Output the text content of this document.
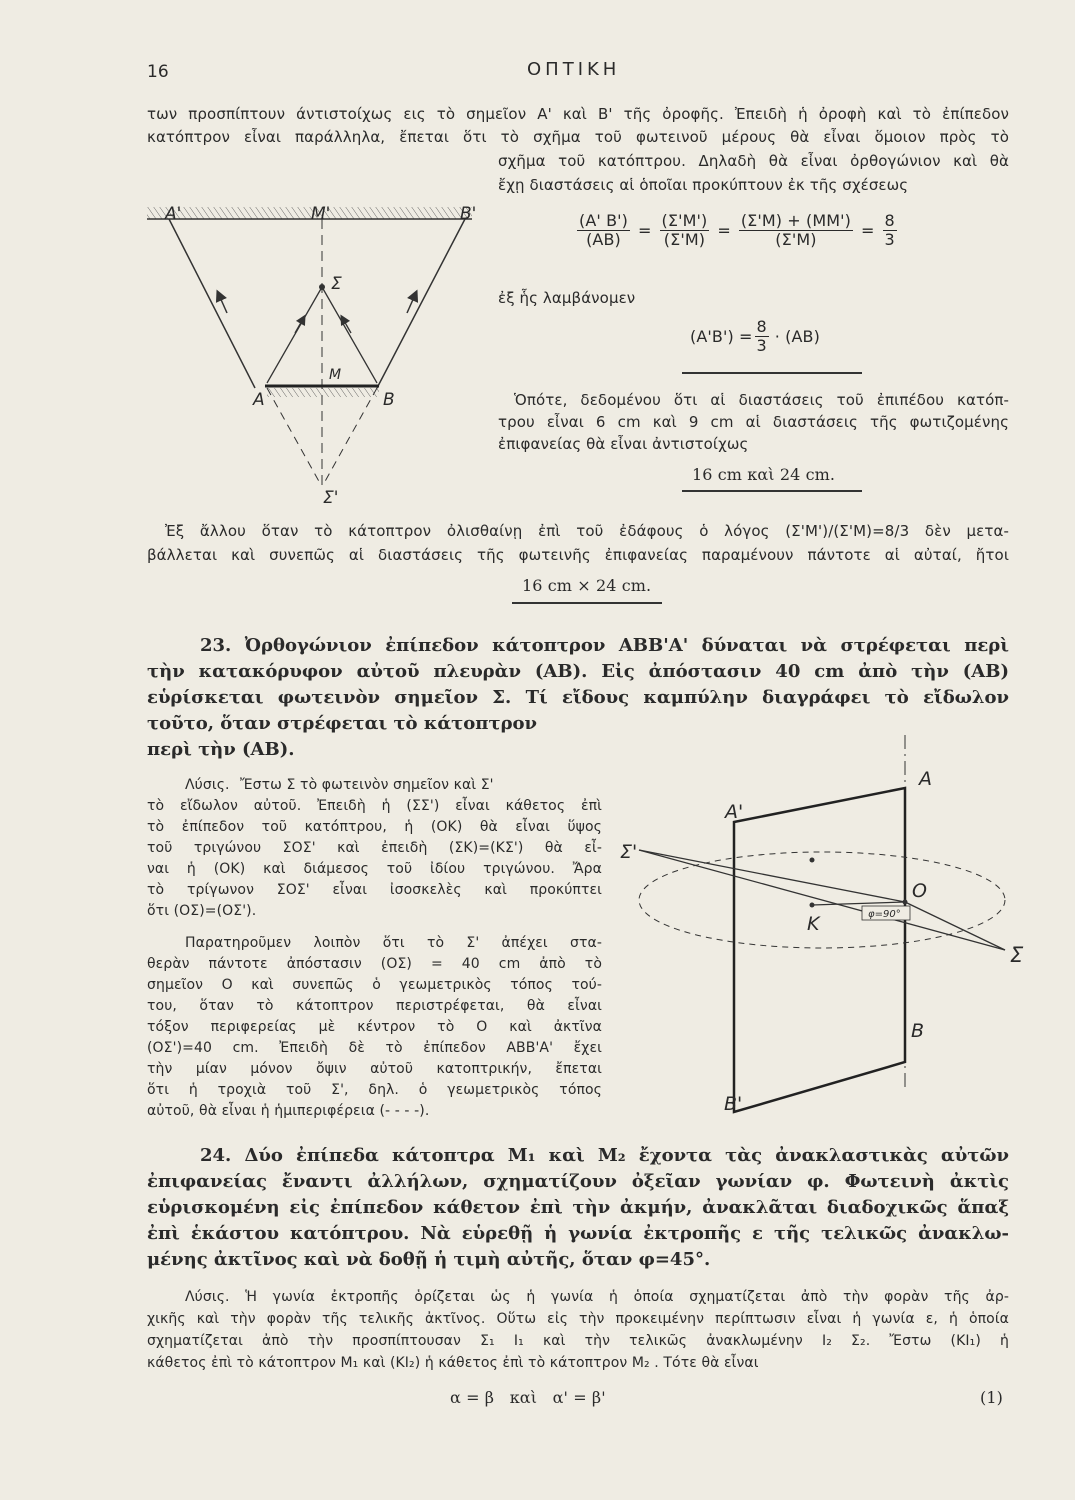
16	ΟΠΤΙΚΗ
των προσπίπτουν άντιστοίχως εις τὸ σημεῖον Α' καὶ Β' τῆς ὀροφῆς. Ἐπειδὴ ἡ ὀροφὴ καὶ τὸ ἐπίπεδον
κατόπτρον εἶναι παράλληλα, ἔπεται ὅτι τὸ σχῆμα τοῦ φωτεινοῦ μέρους θὰ εἶναι ὅμοιον πρὸς τὸ
σχῆμα τοῦ κατόπτρου. Δηλαδὴ θὰ εἶναι ὀρθογώνιον καὶ θὰ
ἔχῃ διαστάσεις αἱ ὁποῖαι προκύπτουν ἐκ τῆς σχέσεως
$\frac{(A' B')}{(AB)} = \frac{(\Sigma'M')}{(\Sigma'M)} = \frac{(\Sigma'M) + (MM')}{(\Sigma'M)} = \frac{8}{3}$
ἐξ ἧς λαμβάνομεν
$(A'B') = \frac{8}{3} \cdot (AB)$
Ὁπότε, δεδομένου ὅτι αἱ διαστάσεις τοῦ ἐπιπέδου κατόπ-
τρου εἶναι 6 cm καὶ 9 cm αἱ διαστάσεις τῆς φωτιζομένης
ἐπιφανείας θὰ εἶναι ἀντιστοίχως
16 cm καὶ 24 cm.
Ἐξ ἄλλου ὅταν τὸ κάτοπτρον ὀλισθαίνῃ ἐπὶ τοῦ ἐδάφους ὁ λόγος (Σ'M')/(Σ'M)=8/3 δὲν μετα-
βάλλεται καὶ συνεπῶς αἱ διαστάσεις τῆς φωτεινῆς ἐπιφανείας παραμένουν πάντοτε αἱ αὐταί, ἤτοι
16 cm × 24 cm.
A'	M'	B'
Σ
M
A	B
Σ'
23. Ὀρθογώνιον ἐπίπεδον κάτοπτρον ABB'A' δύναται νὰ στρέφεται περὶ
τὴν κατακόρυφον αὐτοῦ πλευρὰν (AB). Εἰς ἀπόστασιν 40 cm ἀπὸ τὴν (AB)
εὑρίσκεται φωτεινὸν σημεῖον Σ. Τί εἴδους καμπύλην διαγράφει τὸ εἴδωλον
τοῦτο, ὅταν στρέφεται τὸ κάτοπτρον
περὶ τὴν (AB).
Λύσις. Ἔστω Σ τὸ φωτεινὸν σημεῖον καὶ Σ'
τὸ εἴδωλον αὐτοῦ. Ἐπειδὴ ἡ (ΣΣ') εἶναι κάθετος ἐπὶ
τὸ ἐπίπεδον τοῦ κατόπτρου, ἡ (OK) θὰ εἶναι ὕψος
τοῦ τριγώνου ΣΟΣ' καὶ ἐπειδὴ (ΣΚ)=(ΚΣ') θὰ εἶ-
ναι ἡ (OK) καὶ διάμεσος τοῦ ἰδίου τριγώνου. Ἄρα
τὸ τρίγωνον ΣΟΣ' εἶναι ἰσοσκελὲς καὶ προκύπτει
ὅτι (ΟΣ)=(ΟΣ').
Παρατηροῦμεν λοιπὸν ὅτι τὸ Σ' ἀπέχει στα-
θερὰν πάντοτε ἀπόστασιν (ΟΣ) = 40 cm ἀπὸ τὸ
σημεῖον Ο καὶ συνεπῶς ὁ γεωμετρικὸς τόπος τού-
του, ὅταν τὸ κάτοπτρον περιστρέφεται, θὰ εἶναι
τόξον περιφερείας μὲ κέντρον τὸ Ο καὶ ἀκτῖνα
(ΟΣ')=40 cm. Ἐπειδὴ δὲ τὸ ἐπίπεδον ABB'A' ἔχει
τὴν μίαν μόνον ὄψιν αὐτοῦ κατοπτρικήν, ἔπεται
ὅτι ἡ τροχιὰ τοῦ Σ', δηλ. ὁ γεωμετρικὸς τόπος
αὐτοῦ, θὰ εἶναι ἡ ἡμιπεριφέρεια (- - - -).
φ=90°
A
A'
Σ'
O
K
Σ
B
B'
24. Δύο ἐπίπεδα κάτοπτρα M₁ καὶ M₂ ἔχοντα τὰς ἀνακλαστικὰς αὐτῶν
ἐπιφανείας ἔναντι ἀλλήλων, σχηματίζουν ὀξεῖαν γωνίαν φ. Φωτεινὴ ἀκτὶς
εὑρισκομένη εἰς ἐπίπεδον κάθετον ἐπὶ τὴν ἀκμήν, ἀνακλᾶται διαδοχικῶς ἅπαξ
ἐπὶ ἑκάστου κατόπτρου. Νὰ εὑρεθῇ ἡ γωνία ἐκτροπῆς ε τῆς τελικῶς ἀνακλω-
μένης ἀκτῖνος καὶ νὰ δοθῇ ἡ τιμὴ αὐτῆς, ὅταν φ=45°.
Λύσις. Ἡ γωνία ἐκτροπῆς ὁρίζεται ὡς ἡ γωνία ἡ ὁποία σχηματίζεται ἀπὸ τὴν φορὰν τῆς ἀρ-
χικῆς καὶ τὴν φορὰν τῆς τελικῆς ἀκτῖνος. Οὕτω εἰς τὴν προκειμένην περίπτωσιν εἶναι ἡ γωνία ε, ἡ ὁποία
σχηματίζεται ἀπὸ τὴν προσπίπτουσαν Σ₁ I₁ καὶ τὴν τελικῶς ἀνακλωμένην I₂ Σ₂. Ἔστω (KI₁) ἡ
κάθετος ἐπὶ τὸ κάτοπτρον M₁ καὶ (KI₂) ἡ κάθετος ἐπὶ τὸ κάτοπτρον M₂ . Τότε θὰ εἶναι
α = β   καὶ   α' = β'	(1)
